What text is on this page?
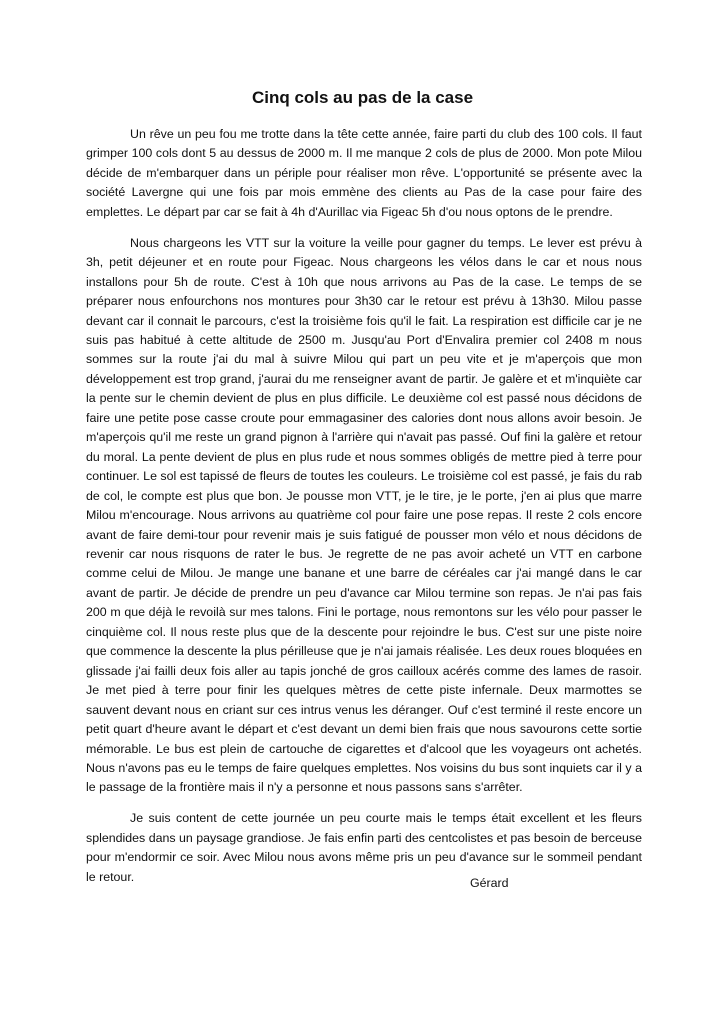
Cinq cols au pas de la case

Un rêve un peu fou me trotte dans la tête cette année, faire parti du club des 100 cols. Il faut grimper 100 cols dont 5 au dessus de 2000 m. Il me manque 2 cols de plus de 2000. Mon pote Milou décide de m'embarquer dans un périple pour réaliser mon rêve. L'opportunité se présente avec la société Lavergne qui une fois par mois emmène des clients au Pas de la case pour faire des emplettes. Le départ par car se fait à 4h d'Aurillac via Figeac 5h d'ou nous optons de le prendre.

Nous chargeons les VTT sur la voiture la veille pour gagner du temps. Le lever est prévu à 3h, petit déjeuner et en route pour Figeac. Nous chargeons les vélos dans le car et nous nous installons pour 5h de route. C'est à 10h que nous arrivons au Pas de la case. Le temps de se préparer nous enfourchons nos montures pour 3h30 car le retour est prévu à 13h30. Milou passe devant car il connait le parcours, c'est la troisième fois qu'il le fait. La respiration est difficile car je ne suis pas habitué à cette altitude de 2500 m. Jusqu'au Port d'Envalira premier col 2408 m nous sommes sur la route j'ai du mal à suivre Milou qui part un peu vite et je m'aperçois que mon développement est trop grand, j'aurai du me renseigner avant de partir. Je galère et et m'inquiète car la pente sur le chemin devient de plus en plus difficile. Le deuxième col est passé nous décidons de faire une petite pose casse croute pour emmagasiner des calories dont nous allons avoir besoin. Je m'aperçois qu'il me reste un grand pignon à l'arrière qui n'avait pas passé. Ouf fini la galère et retour du moral. La pente devient de plus en plus rude et nous sommes obligés de mettre pied à terre pour continuer. Le sol est tapissé de fleurs de toutes les couleurs. Le troisième col est passé, je fais du rab de col, le compte est plus que bon. Je pousse mon VTT, je le tire, je le porte, j'en ai plus que marre Milou m'encourage. Nous arrivons au quatrième col pour faire une pose repas. Il reste 2 cols encore avant de faire demi-tour pour revenir mais je suis fatigué de pousser mon vélo et nous décidons de revenir car nous risquons de rater le bus. Je regrette de ne pas avoir acheté un VTT en carbone comme celui de Milou. Je mange une banane et une barre de céréales car j'ai mangé dans le car avant de partir. Je décide de prendre un peu d'avance car Milou termine son repas. Je n'ai pas fais 200 m que déjà le revoilà sur mes talons. Fini le portage, nous remontons sur les vélo pour passer le cinquième col. Il nous reste plus que de la descente pour rejoindre le bus. C'est sur une piste noire que commence la descente la plus périlleuse que je n'ai jamais réalisée. Les deux roues bloquées en glissade j'ai failli deux fois aller au tapis jonché de gros cailloux acérés comme des lames de rasoir. Je met pied à terre pour finir les quelques mètres de cette piste infernale. Deux marmottes se sauvent devant nous en criant sur ces intrus venus les déranger. Ouf c'est terminé il reste encore un petit quart d'heure avant le départ et c'est devant un demi bien frais que nous savourons cette sortie mémorable. Le bus est plein de cartouche de cigarettes et d'alcool que les voyageurs ont achetés. Nous n'avons pas eu le temps de faire quelques emplettes. Nos voisins du bus sont inquiets car il y a le passage de la frontière mais il n'y a personne et nous passons sans s'arrêter.

Je suis content de cette journée un peu courte mais le temps était excellent et les fleurs splendides dans un paysage grandiose. Je fais enfin parti des centcolistes et pas besoin de berceuse pour m'endormir ce soir. Avec Milou nous avons même pris un peu d'avance sur le sommeil pendant le retour.	Gérard
